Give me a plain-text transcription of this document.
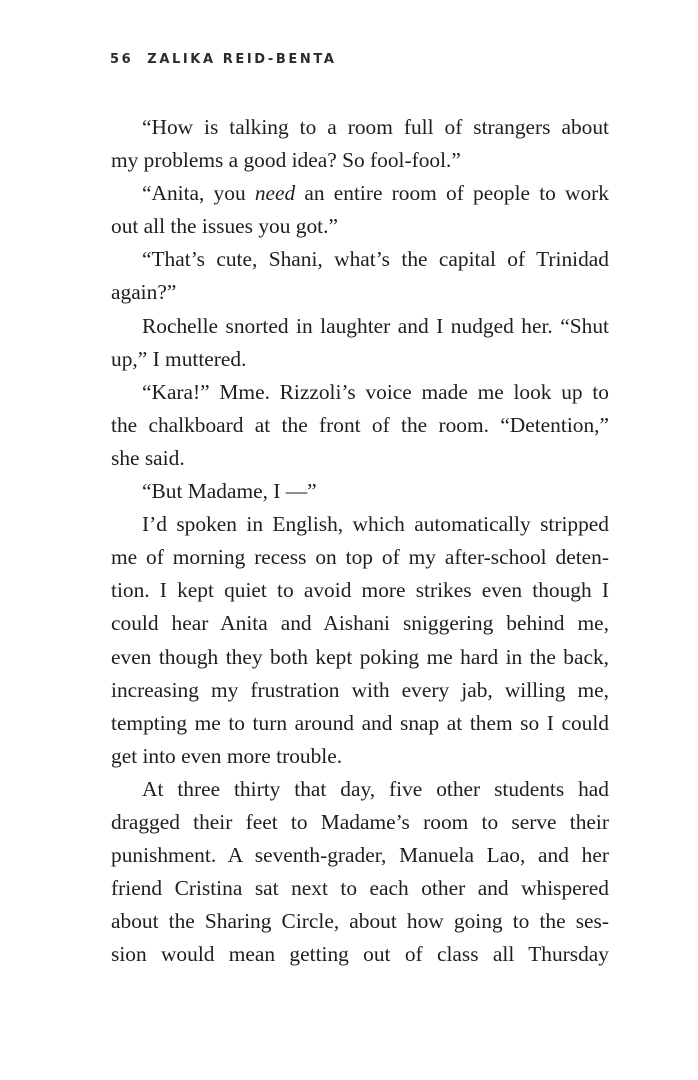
56 ZALIKA REID-BENTA
“How is talking to a room full of strangers about
my problems a good idea? So fool-fool.”
“Anita, you need an entire room of people to work
out all the issues you got.”
“That’s cute, Shani, what’s the capital of Trinidad
again?”
Rochelle snorted in laughter and I nudged her. “Shut
up,” I muttered.
“Kara!” Mme. Rizzoli’s voice made me look up to
the chalkboard at the front of the room. “Detention,”
she said.
“But Madame, I —”
I’d spoken in English, which automatically stripped
me of morning recess on top of my after-school deten-
tion. I kept quiet to avoid more strikes even though I
could hear Anita and Aishani sniggering behind me,
even though they both kept poking me hard in the back,
increasing my frustration with every jab, willing me,
tempting me to turn around and snap at them so I could
get into even more trouble.
At three thirty that day, five other students had
dragged their feet to Madame’s room to serve their
punishment. A seventh-grader, Manuela Lao, and her
friend Cristina sat next to each other and whispered
about the Sharing Circle, about how going to the ses-
sion would mean getting out of class all Thursday
